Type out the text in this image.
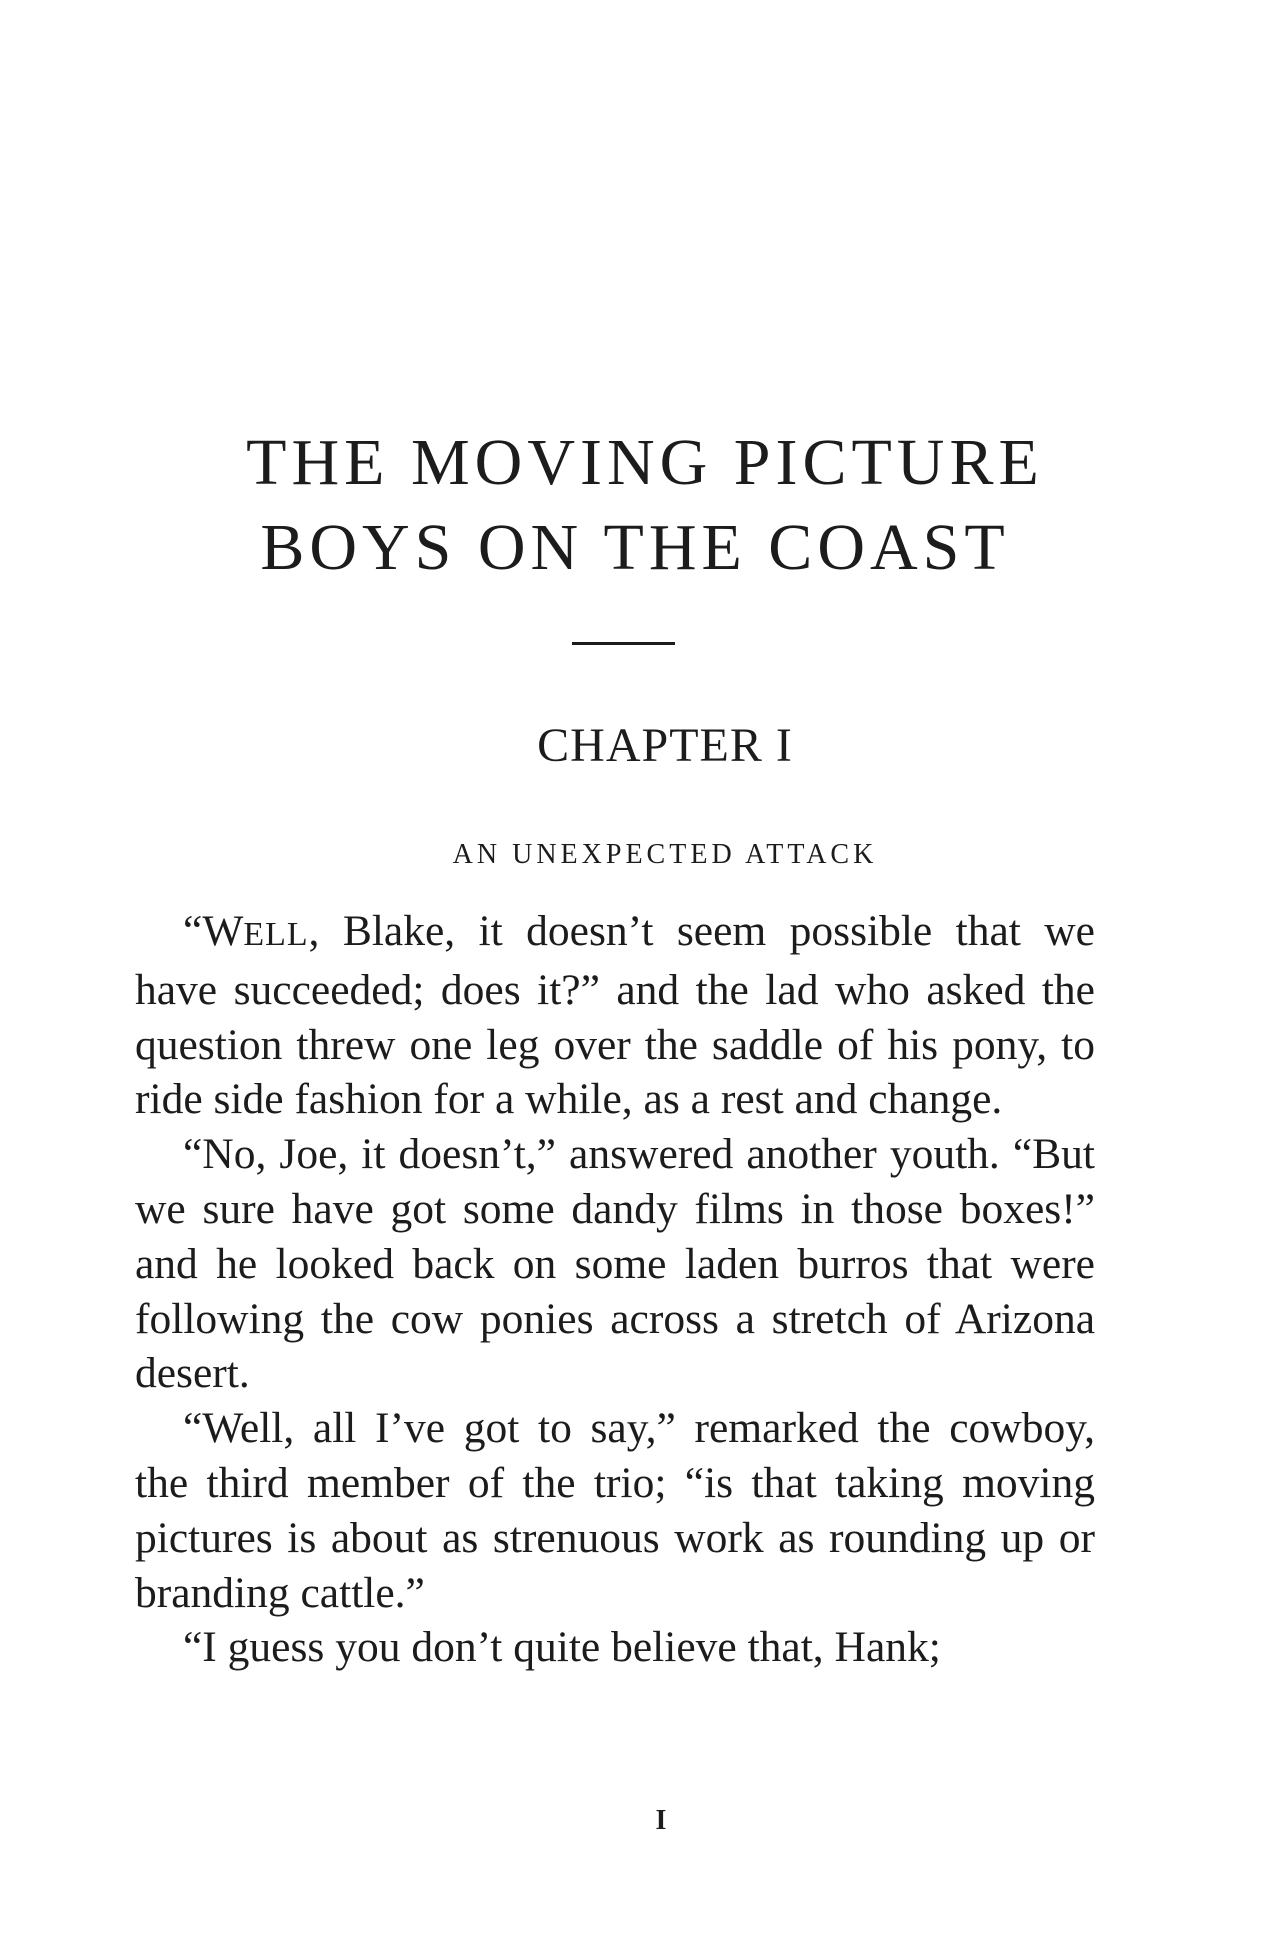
THE MOVING PICTURE
BOYS ON THE COAST
CHAPTER I
AN UNEXPECTED ATTACK

“WELL, Blake, it doesn’t seem possible that we have succeeded; does it?” and the lad who asked the question threw one leg over the saddle of his pony, to ride side fashion for a while, as a rest and change.

“No, Joe, it doesn’t,” answered another youth. “But we sure have got some dandy films in those boxes!” and he looked back on some laden burros that were following the cow ponies across a stretch of Arizona desert.

“Well, all I’ve got to say,” remarked the cowboy, the third member of the trio; “is that taking moving pictures is about as strenuous work as rounding up or branding cattle.”

“I guess you don’t quite believe that, Hank;

I
